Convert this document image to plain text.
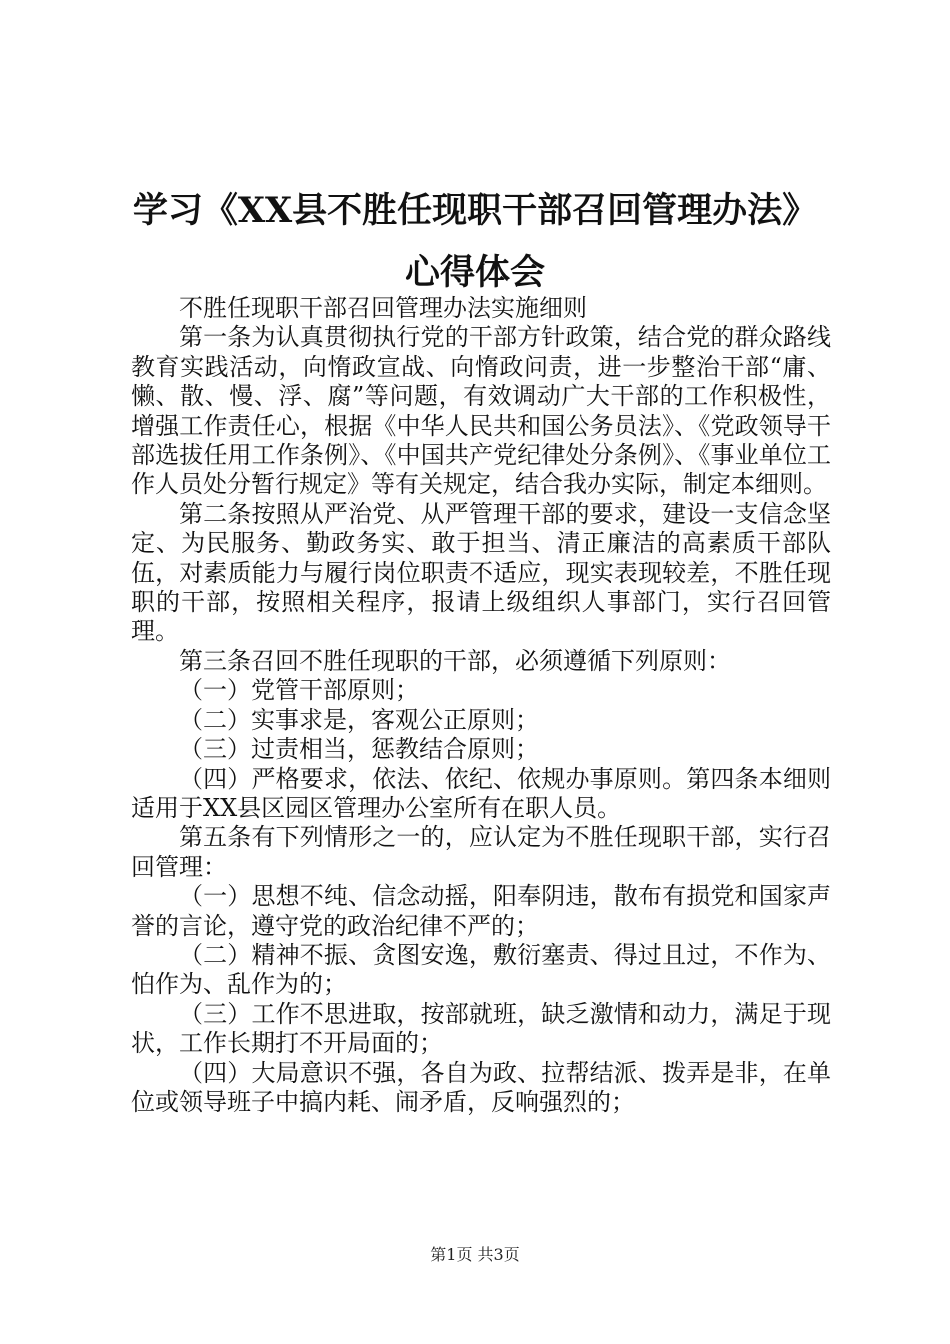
学习《XX县不胜任现职干部召回管理办法》
心得体会

不胜任现职干部召回管理办法实施细则

第一条为认真贯彻执行党的干部方针政策，结合党的群众路线教育实践活动，向惰政宣战、向惰政问责，进一步整治干部“庸、懒、散、慢、浮、腐”等问题，有效调动广大干部的工作积极性，增强工作责任心，根据《中华人民共和国公务员法》、《党政领导干部选拔任用工作条例》、《中国共产党纪律处分条例》、《事业单位工作人员处分暂行规定》等有关规定，结合我办实际，制定本细则。

第二条按照从严治党、从严管理干部的要求，建设一支信念坚定、为民服务、勤政务实、敢于担当、清正廉洁的高素质干部队伍，对素质能力与履行岗位职责不适应，现实表现较差，不胜任现职的干部，按照相关程序，报请上级组织人事部门，实行召回管理。

第三条召回不胜任现职的干部，必须遵循下列原则：

（一）党管干部原则；

（二）实事求是，客观公正原则；

（三）过责相当，惩教结合原则；

（四）严格要求，依法、依纪、依规办事原则。第四条本细则适用于XX县区园区管理办公室所有在职人员。

第五条有下列情形之一的，应认定为不胜任现职干部，实行召回管理：

（一）思想不纯、信念动摇，阳奉阴违，散布有损党和国家声誉的言论，遵守党的政治纪律不严的；

（二）精神不振、贪图安逸，敷衍塞责、得过且过，不作为、怕作为、乱作为的；

（三）工作不思进取，按部就班，缺乏激情和动力，满足于现状，工作长期打不开局面的；

（四）大局意识不强，各自为政、拉帮结派、拨弄是非，在单位或领导班子中搞内耗、闹矛盾，反响强烈的；

第1页 共3页
